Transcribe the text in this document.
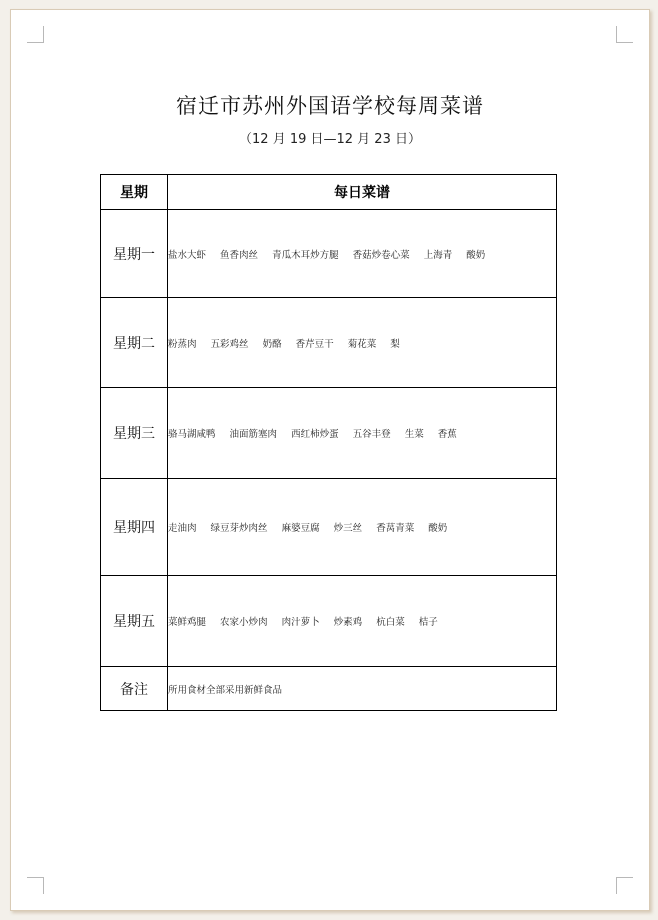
宿迁市苏州外国语学校每周菜谱
（12 月 19 日—12 月 23 日）
星期	每日菜谱
星期一	盐水大虾 鱼香肉丝 青瓜木耳炒方腿 香菇炒卷心菜 上海青 酸奶
星期二	粉蒸肉 五彩鸡丝 奶酪 香芹豆干 菊花菜 梨
星期三	骆马湖咸鸭 油面筋塞肉 西红柿炒蛋 五谷丰登 生菜 香蕉
星期四	走油肉 绿豆芽炒肉丝 麻婆豆腐 炒三丝 香莴青菜 酸奶
星期五	菜鲜鸡腿 农家小炒肉 肉汁萝卜 炒素鸡 杭白菜 桔子
备注	所用食材全部采用新鲜食品
